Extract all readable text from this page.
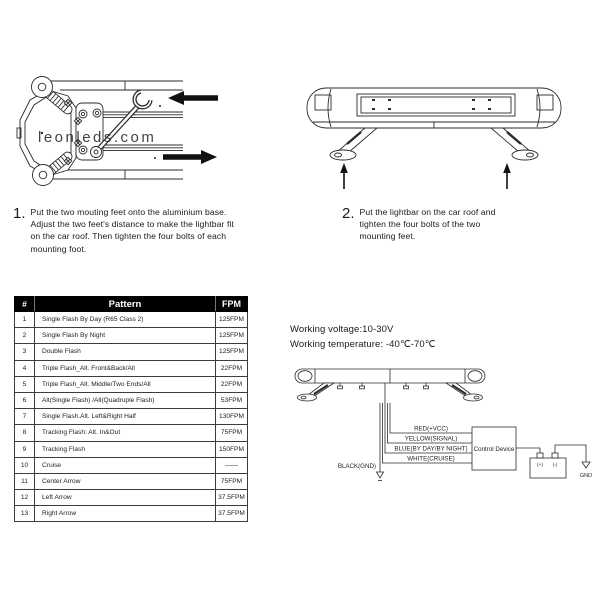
leonleds.com
1. Put the two mouting feet onto the aluminium base. Adjust the two feet's distance to make the lightbar fit on the car roof. Then tighten the four bolts of each mounting foot.
2. Put the lightbar on the car roof and tighten the four bolts of the two mounting feet.
#	Pattern	FPM
1	Single Flash By Day (R65 Class 2)	125FPM
2	Single Flash By Night	125FPM
3	Double Flash	125FPM
4	Triple Flash_Alt. Front&Back/All	22FPM
5	Triple Flash_Alt. Middle/Two Ends/All	22FPM
6	Alt(Single Flash) /All(Quadruple Flash)	53FPM
7	Single Flash.Alt. Left&Right Half	130FPM
8	Tracking Flash: Alt. In&Out	75FPM
9	Tracking Flash	150FPM
10	Cruise	——
11	Center Arrow	75FPM
12	Left Arrow	37.5FPM
13	Right Arrow	37.5FPM
Working voltage:10-30V
Working temperature: -40℃-70℃
RED(+VCC)
YELLOW(SIGNAL)
BLUE(BY DAY/BY NIGHT)
WHITE(CRUISE)
BLACK(GND)
Control Device
(+) (-)
GND
